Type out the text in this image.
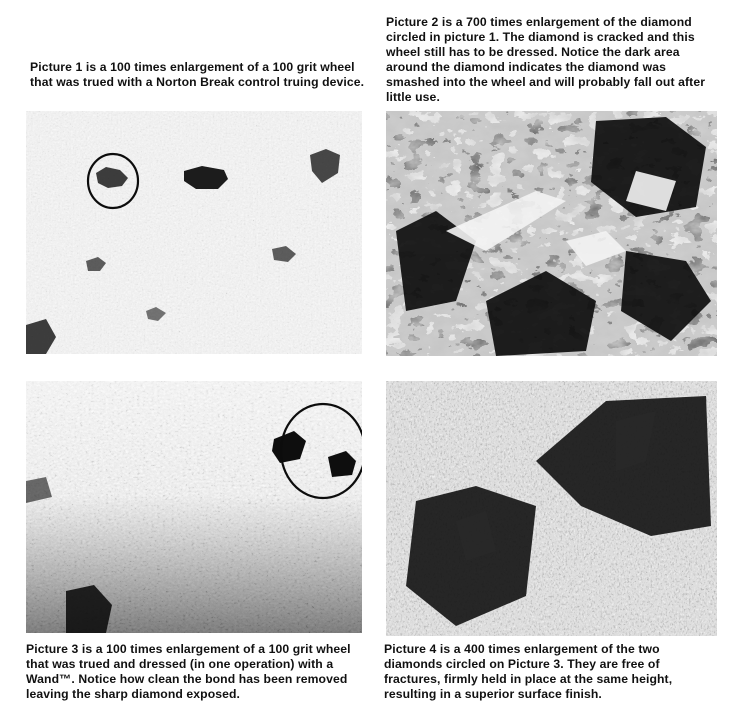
Picture 1 is a 100 times enlargement of a 100 grit wheel that was trued with a Norton Break control truing device.

Picture 2 is a 700 times enlargement of the diamond circled in picture 1. The diamond is cracked and this wheel still has to be dressed. Notice the dark area around the diamond indicates the diamond was smashed into the wheel and will probably fall out after little use.

Picture 3 is a 100 times enlargement of a 100 grit wheel that was trued and dressed (in one operation) with a Wand™. Notice how clean the bond has been removed leaving the sharp diamond exposed.

Picture 4 is a 400 times enlargement of the two diamonds circled on Picture 3. They are free of fractures, firmly held in place at the same height, resulting in a superior surface finish.
